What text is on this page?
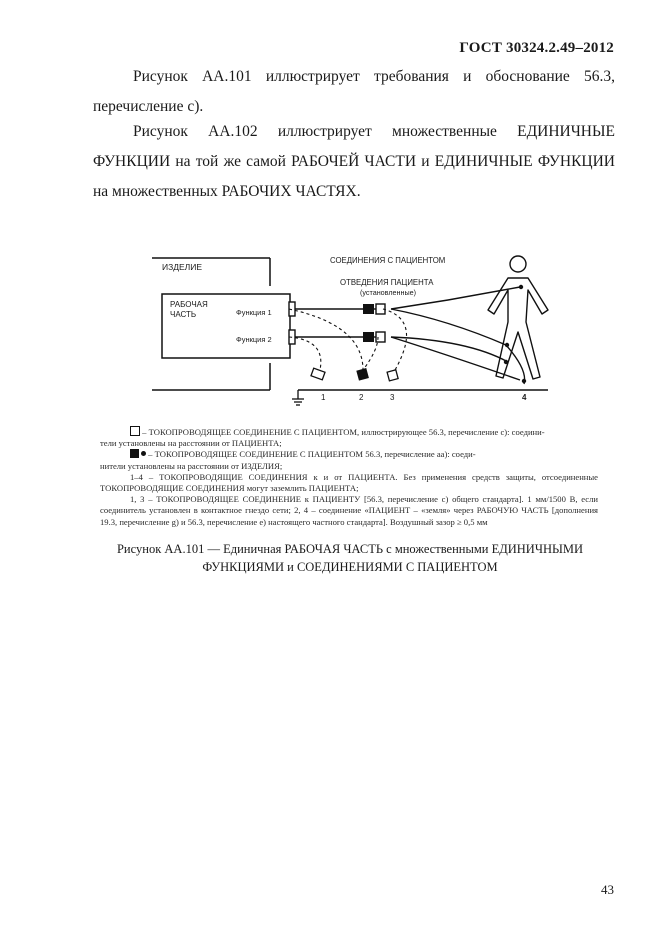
ГОСТ 30324.2.49–2012
Рисунок АА.101 иллюстрирует требования и обоснование 56.3,
перечисление с).
Рисунок АА.102 иллюстрирует множественные ЕДИНИЧНЫЕ
ФУНКЦИИ на той же самой РАБОЧЕЙ ЧАСТИ и ЕДИНИЧНЫЕ ФУНКЦИИ
на множественных РАБОЧИХ ЧАСТЯХ.
ИЗДЕЛИЕ
РАБОЧАЯ
ЧАСТЬ	Функция 1
Функция 2
СОЕДИНЕНИЯ С ПАЦИЕНТОМ
ОТВЕДЕНИЯ ПАЦИЕНТА
(установленные)
1	2	3	4

– ТОКОПРОВОДЯЩЕЕ СОЕДИНЕНИЕ С ПАЦИЕНТОМ, иллюстрирующее 56.3, перечисление с): соедини-

тели установлены на расстоянии от ПАЦИЕНТА;

– ТОКОПРОВОДЯЩЕЕ СОЕДИНЕНИЕ С ПАЦИЕНТОМ 56.3, перечисление aa): соеди-

нители установлены на расстоянии от ИЗДЕЛИЯ;

1–4 – ТОКОПРОВОДЯЩИЕ СОЕДИНЕНИЯ к и от ПАЦИЕНТА. Без применения средств защиты, отсоединенные ТОКОПРОВОДЯЩИЕ СОЕДИНЕНИЯ могут заземлить ПАЦИЕНТА;

1, 3 – ТОКОПРОВОДЯЩЕЕ СОЕДИНЕНИЕ к ПАЦИЕНТУ [56.3, перечисление с) общего стандарта]. 1 мм/1500 В, если соединитель установлен в контактное гнездо сети; 2, 4 – соединение «ПАЦИЕНТ – «земля» через РАБОЧУЮ ЧАСТЬ [дополнения 19.3, перечисление g) и 56.3, перечисление е) настоящего частного стандарта]. Воздушный зазор ≥ 0,5 мм

Рисунок АА.101 — Единичная РАБОЧАЯ ЧАСТЬ с множественными ЕДИНИЧНЫМИ
ФУНКЦИЯМИ и СОЕДИНЕНИЯМИ С ПАЦИЕНТОМ
43
